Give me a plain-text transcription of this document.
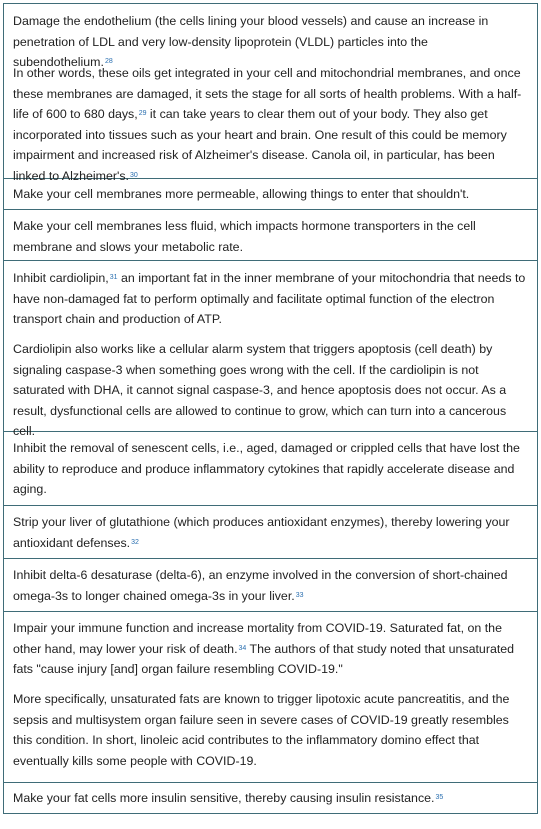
Damage the endothelium (the cells lining your blood vessels) and cause an increase in penetration of LDL and very low-density lipoprotein (VLDL) particles into the subendothelium.$^{28}$

In other words, these oils get integrated in your cell and mitochondrial membranes, and once these membranes are damaged, it sets the stage for all sorts of health problems. With a half-life of 600 to 680 days,$^{29}$ it can take years to clear them out of your body. They also get incorporated into tissues such as your heart and brain. One result of this could be memory impairment and increased risk of Alzheimer's disease. Canola oil, in particular, has been linked to Alzheimer's.$^{30}$

Make your cell membranes more permeable, allowing things to enter that shouldn't.

Make your cell membranes less fluid, which impacts hormone transporters in the cell membrane and slows your metabolic rate.

Inhibit cardiolipin,$^{31}$ an important fat in the inner membrane of your mitochondria that needs to have non-damaged fat to perform optimally and facilitate optimal function of the electron transport chain and production of ATP.

Cardiolipin also works like a cellular alarm system that triggers apoptosis (cell death) by signaling caspase-3 when something goes wrong with the cell. If the cardiolipin is not saturated with DHA, it cannot signal caspase-3, and hence apoptosis does not occur. As a result, dysfunctional cells are allowed to continue to grow, which can turn into a cancerous cell.

Inhibit the removal of senescent cells, i.e., aged, damaged or crippled cells that have lost the ability to reproduce and produce inflammatory cytokines that rapidly accelerate disease and aging.

Strip your liver of glutathione (which produces antioxidant enzymes), thereby lowering your antioxidant defenses.$^{32}$

Inhibit delta-6 desaturase (delta-6), an enzyme involved in the conversion of short-chained omega-3s to longer chained omega-3s in your liver.$^{33}$

Impair your immune function and increase mortality from COVID-19. Saturated fat, on the other hand, may lower your risk of death.$^{34}$ The authors of that study noted that unsaturated fats "cause injury [and] organ failure resembling COVID-19."

More specifically, unsaturated fats are known to trigger lipotoxic acute pancreatitis, and the sepsis and multisystem organ failure seen in severe cases of COVID-19 greatly resembles this condition. In short, linoleic acid contributes to the inflammatory domino effect that eventually kills some people with COVID-19.

Make your fat cells more insulin sensitive, thereby causing insulin resistance.$^{35}$
